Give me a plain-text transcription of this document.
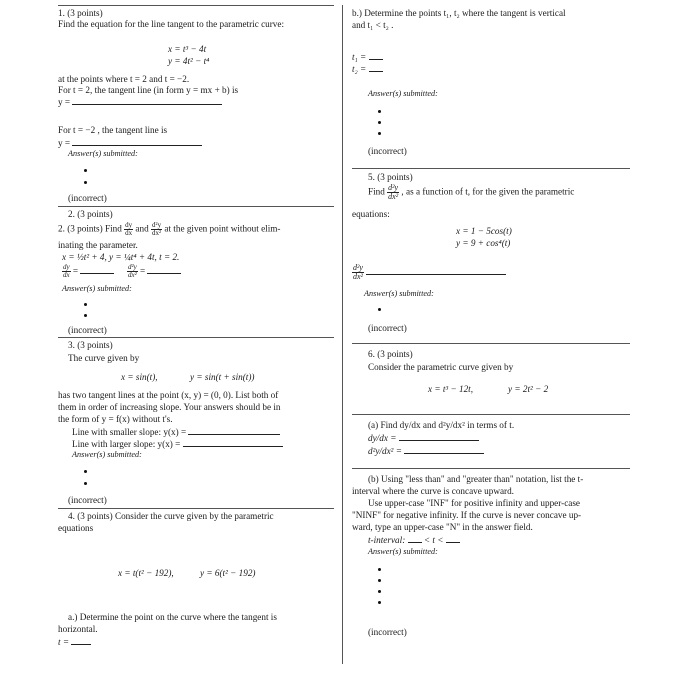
1. (3 points)
Find the equation for the line tangent to the parametric curve:
x = t³ − 4t
y = 4t² − t⁴
at the points where t = 2 and t = −2.
For t = 2, the tangent line (in form y = mx + b) is
y =
For t = −2 , the tangent line is
y =
Answer(s) submitted:
(incorrect)
2. (3 points)
2. (3 points) Find $\frac{dy}{dx}$ and $\frac{\text{d²y}}{\text{dx²}}$ at the given point without elim-
inating the parameter.
x = ½t² + 4, y = ¼t⁴ + 4t, t = 2.
$\frac{dy}{dx}$ =	$\frac{\text{d²y}}{\text{dx²}}$ =
Answer(s) submitted:
(incorrect)
3. (3 points)
The curve given by
x = sin(t),	y = sin(t + sin(t))
has two tangent lines at the point (x, y) = (0, 0). List both of
them in order of increasing slope. Your answers should be in
the form of y = f(x) without t's.
Line with smaller slope: y(x) =
Line with larger slope: y(x) =
Answer(s) submitted:
(incorrect)
4. (3 points) Consider the curve given by the parametric
equations
x = t(t² − 192),	y = 6(t² − 192)
a.) Determine the point on the curve where the tangent is
horizontal.
t =
b.) Determine the points t₁, t₂ where the tangent is vertical
and t₁ < t₂ .
t₁ =
t₂ =
Answer(s) submitted:
(incorrect)
5. (3 points)
Find $\frac{\text{d²y}}{\text{dx²}}$ , as a function of t, for the given the parametric
equations:
x = 1 − 5cos(t)
y = 9 + cos⁴(t)
$\frac{\text{d²y}}{\text{dx²}}$

Answer(s) submitted:
(incorrect)
6. (3 points)
Consider the parametric curve given by
x = t³ − 12t,	y = 2t² − 2
(a) Find dy/dx and d²y/dx² in terms of t.
dy/dx =
d²y/dx² =
(b) Using "less than" and "greater than" notation, list the t-
interval where the curve is concave upward.
Use upper-case "INF" for positive infinity and upper-case
"NINF" for negative infinity. If the curve is never concave up-
ward, type an upper-case "N" in the answer field.
t-interval: < t <
Answer(s) submitted:
(incorrect)
